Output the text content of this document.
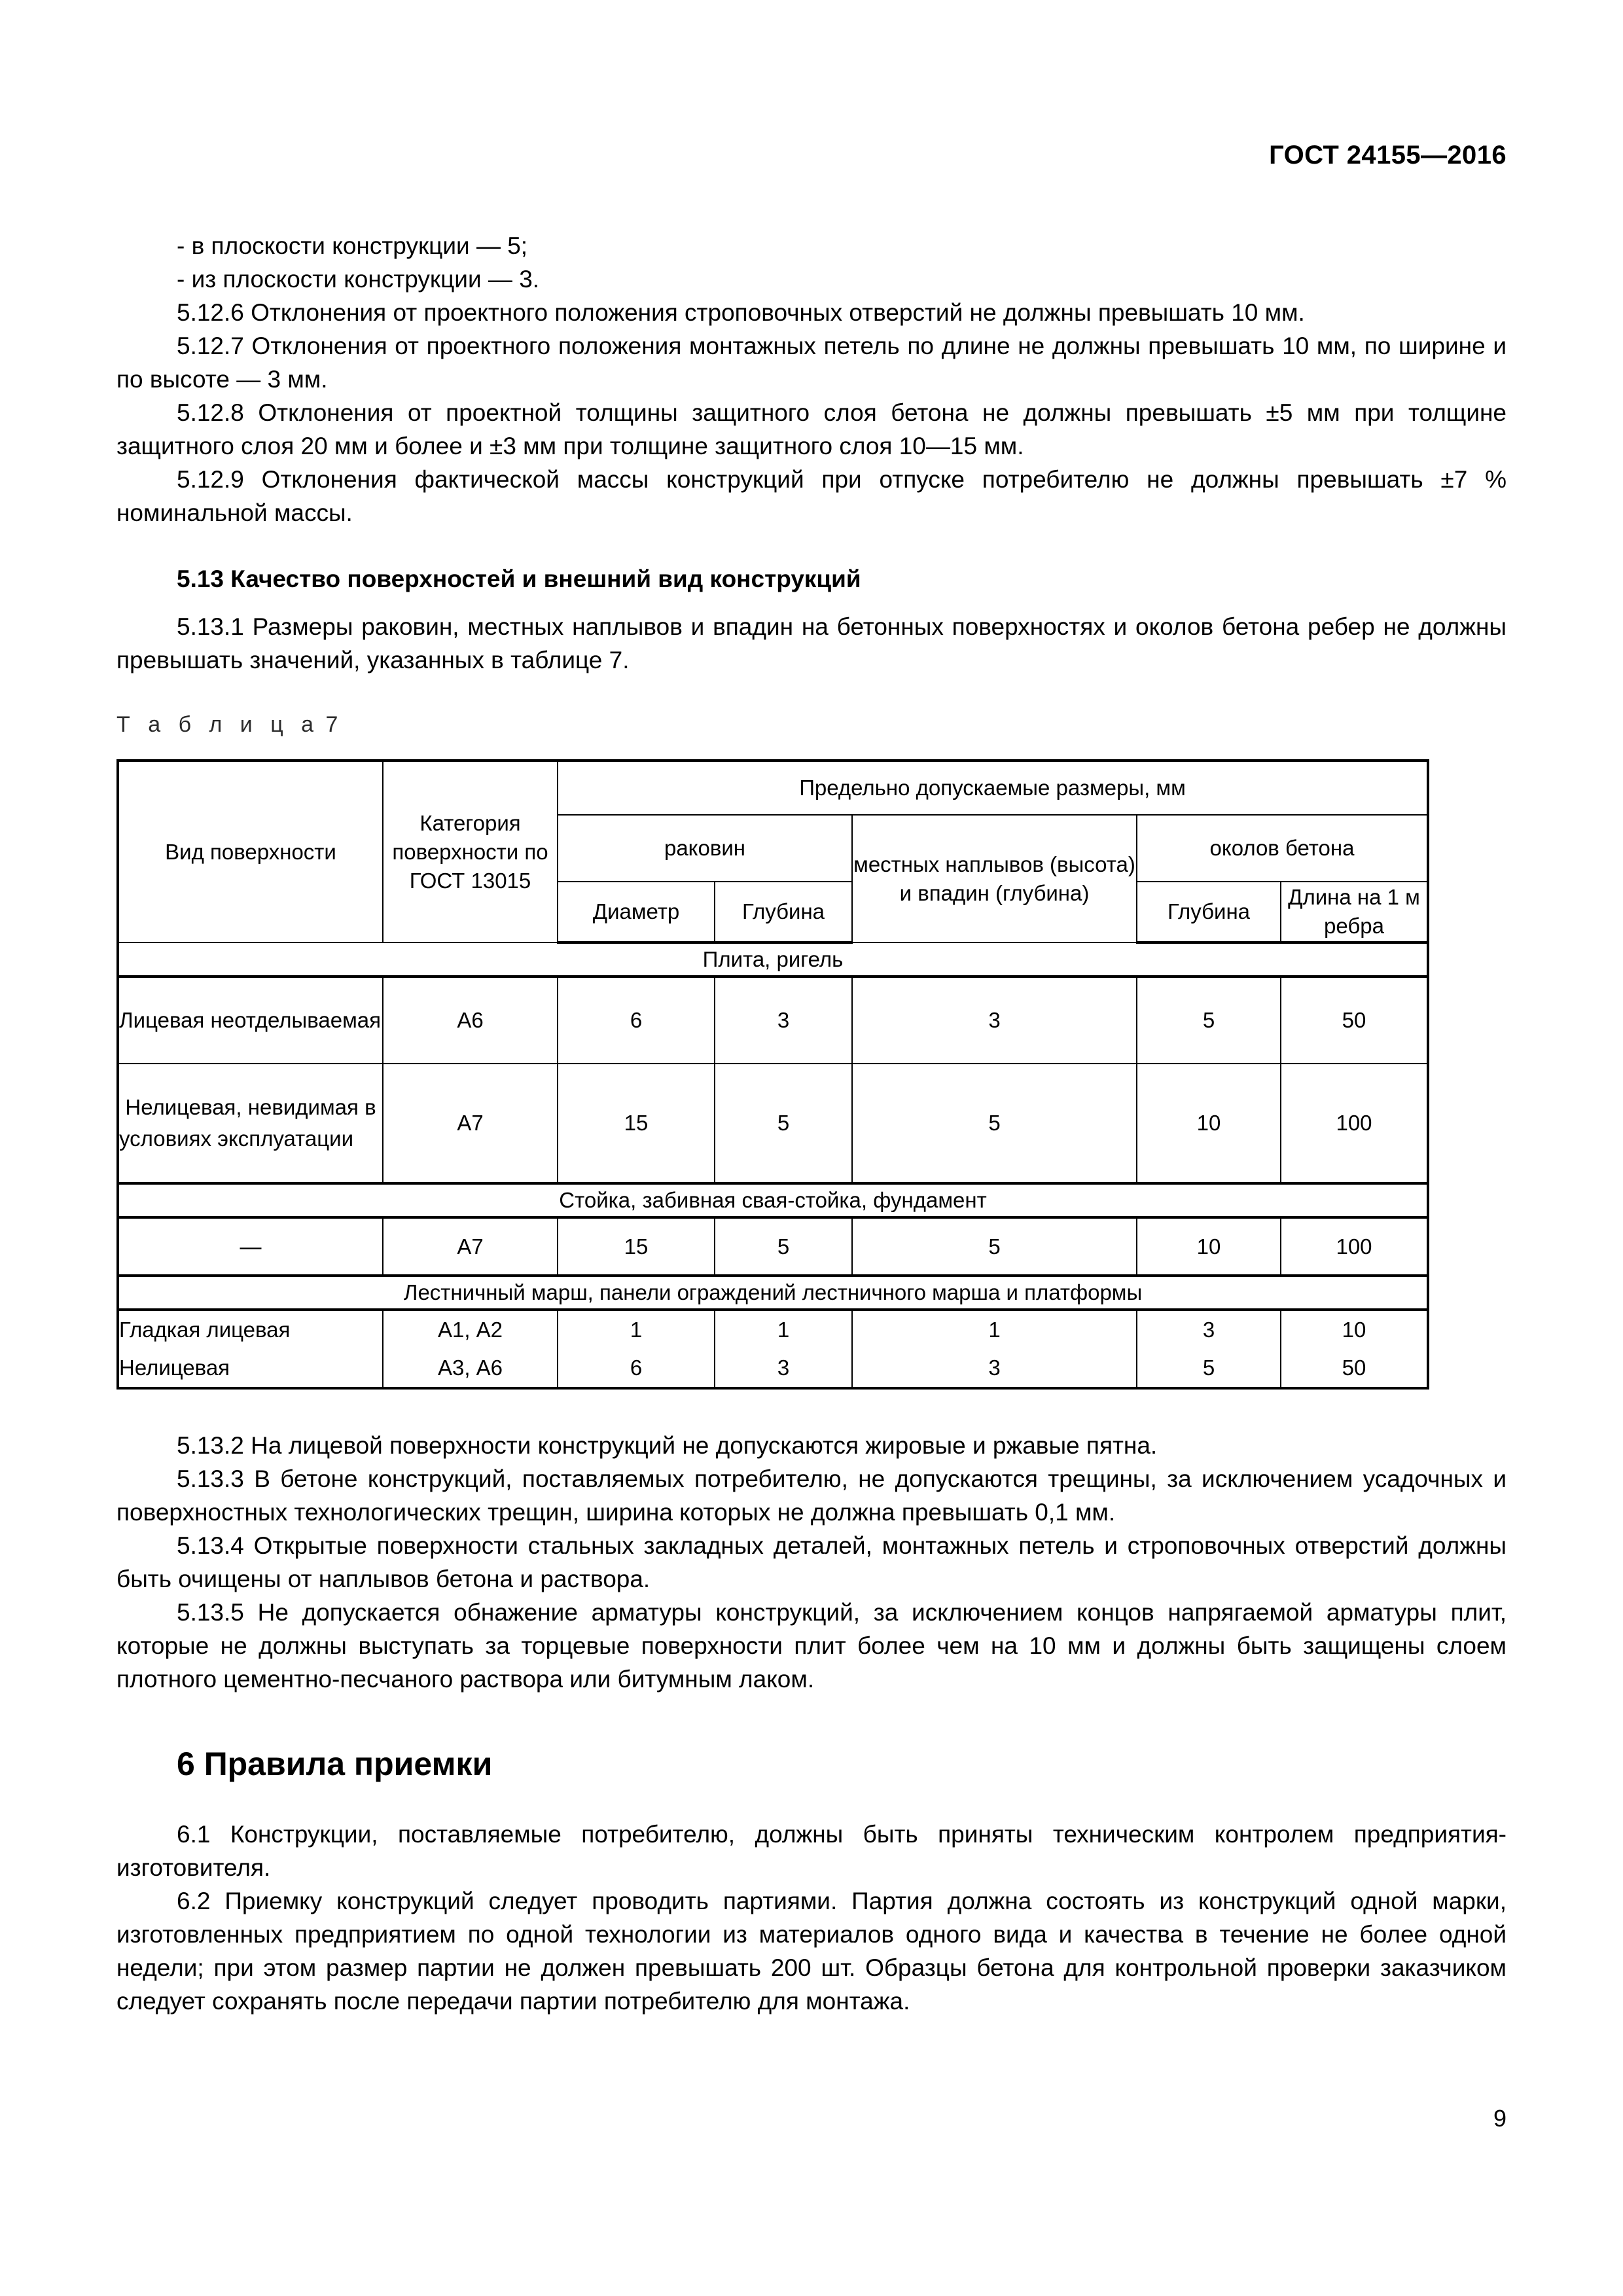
ГОСТ 24155—2016

- в плоскости конструкции — 5;

- из плоскости конструкции — 3.

5.12.6 Отклонения от проектного положения строповочных отверстий не должны превышать 10 мм.

5.12.7 Отклонения от проектного положения монтажных петель по длине не должны превышать 10 мм, по ширине и по высоте — 3 мм.

5.12.8 Отклонения от проектной толщины защитного слоя бетона не должны превышать ±5 мм при толщине защитного слоя 20 мм и более и ±3 мм при толщине защитного слоя 10—15 мм.

5.12.9 Отклонения фактической массы конструкций при отпуске потребителю не должны превышать ±7 % номинальной массы.

5.13 Качество поверхностей и внешний вид конструкций

5.13.1 Размеры раковин, местных наплывов и впадин на бетонных поверхностях и околов бетона ребер не должны превышать значений, указанных в таблице 7.

Т а б л и ц а 7

Вид поверхности	Категория поверхности по ГОСТ 13015	Предельно допускаемые размеры, мм				
		раковин		местных наплывов (высота) и впадин (глубина)	околов бетона	
		Диаметр	Глубина		Глубина	Длина на 1 м ребра
Плита, ригель						
Лицевая неотделываемая	А6	6	3	3	5	50
Нелицевая, невидимая в условиях эксплуатации	А7	15	5	5	10	100
Стойка, забивная свая-стойка, фундамент						
—	А7	15	5	5	10	100
Лестничный марш, панели ограждений лестничного марша и платформы						
Гладкая лицевая	А1, А2	1	1	1	3	10
Нелицевая	А3, А6	6	3	3	5	50

5.13.2 На лицевой поверхности конструкций не допускаются жировые и ржавые пятна.

5.13.3 В бетоне конструкций, поставляемых потребителю, не допускаются трещины, за исключением усадочных и поверхностных технологических трещин, ширина которых не должна превышать 0,1 мм.

5.13.4 Открытые поверхности стальных закладных деталей, монтажных петель и строповочных отверстий должны быть очищены от наплывов бетона и раствора.

5.13.5 Не допускается обнажение арматуры конструкций, за исключением концов напрягаемой арматуры плит, которые не должны выступать за торцевые поверхности плит более чем на 10 мм и должны быть защищены слоем плотного цементно-песчаного раствора или битумным лаком.

6 Правила приемки

6.1 Конструкции, поставляемые потребителю, должны быть приняты техническим контролем предприятия-изготовителя.

6.2 Приемку конструкций следует проводить партиями. Партия должна состоять из конструкций одной марки, изготовленных предприятием по одной технологии из материалов одного вида и качества в течение не более одной недели; при этом размер партии не должен превышать 200 шт. Образцы бетона для контрольной проверки заказчиком следует сохранять после передачи партии потребителю для монтажа.

9
